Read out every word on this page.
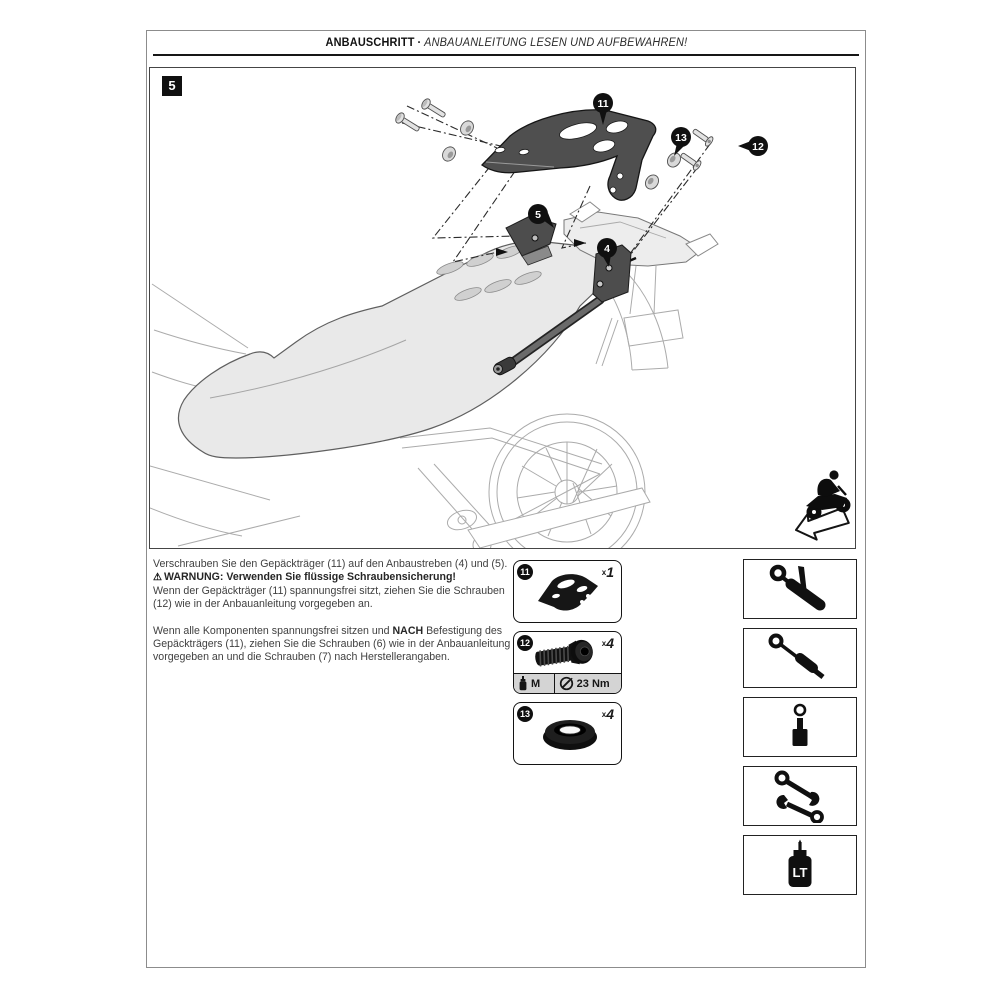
ANBAUSCHRITT · ANBAUANLEITUNG LESEN UND AUFBEWAHREN!
11
13
12
5
4
5

Verschrauben Sie den Gepäckträger (11) auf den Anbaustreben (4) und (5).
⚠ WARNUNG: Verwenden Sie flüssige Schraubensicherung!
Wenn der Gepäckträger (11) spannungsfrei sitzt, ziehen Sie die Schrauben (12) wie in der Anbauanleitung vorgegeben an.

Wenn alle Komponenten spannungsfrei sitzen und NACH Befestigung des Gepäckträgers (11), ziehen Sie die Schrauben (6) wie in der Anbauanleitung vorgegeben an und die Schrauben (7) nach Herstellerangaben.

11	x1
12	x4
M	23 Nm
13	x4
LT
